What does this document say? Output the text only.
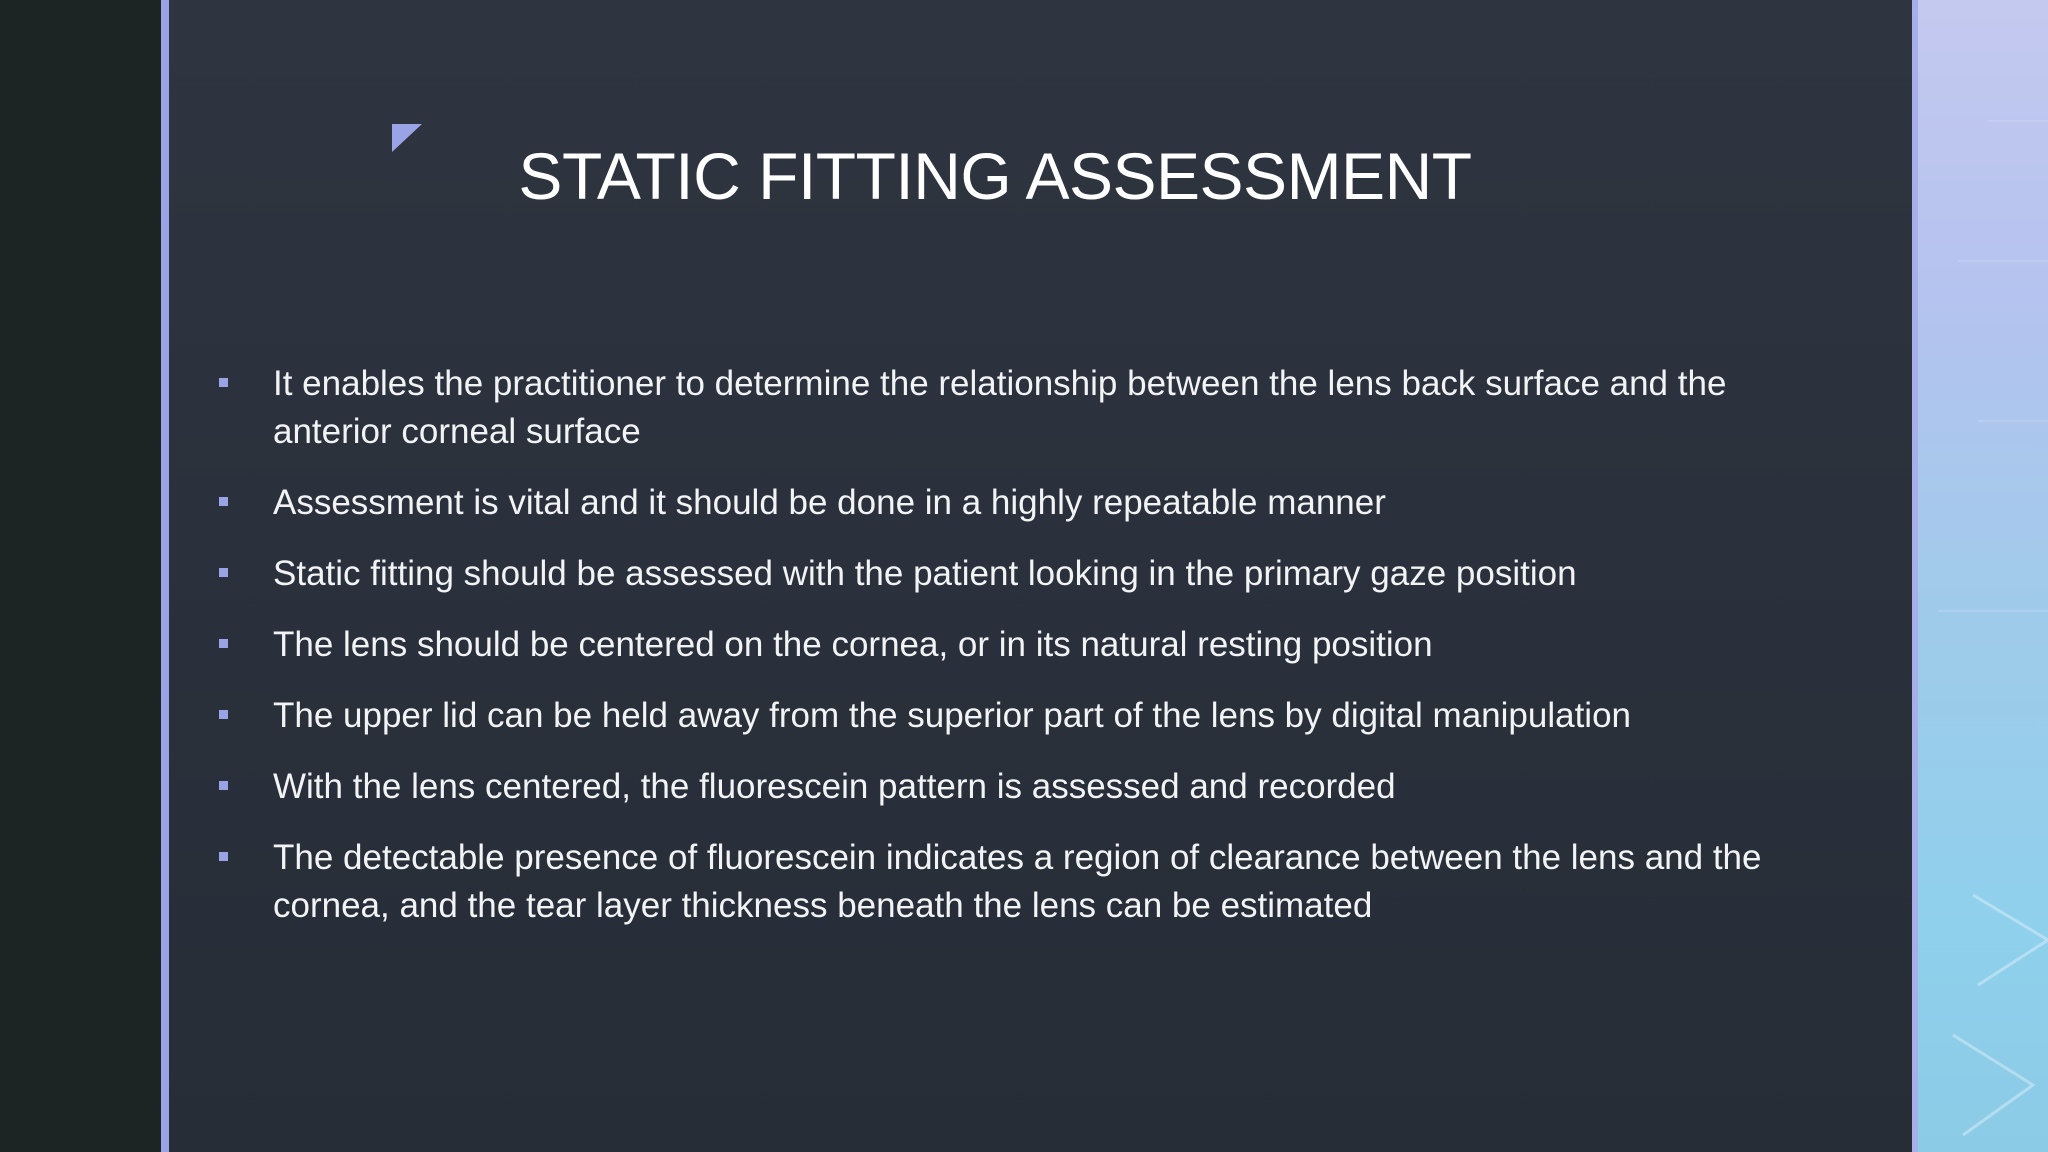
STATIC FITTING ASSESSMENT
It enables the practitioner to determine the relationship between the lens back surface and the anterior corneal surface
Assessment is vital and it should be done in a highly repeatable manner
Static fitting should be assessed with the patient looking in the primary gaze position
The lens should be centered on the cornea, or in its natural resting position
The upper lid can be held away from the superior part of the lens by digital manipulation
With the lens centered, the fluorescein pattern is assessed and recorded
The detectable presence of fluorescein indicates a region of clearance between the lens and the cornea, and the tear layer thickness beneath the lens can be estimated
